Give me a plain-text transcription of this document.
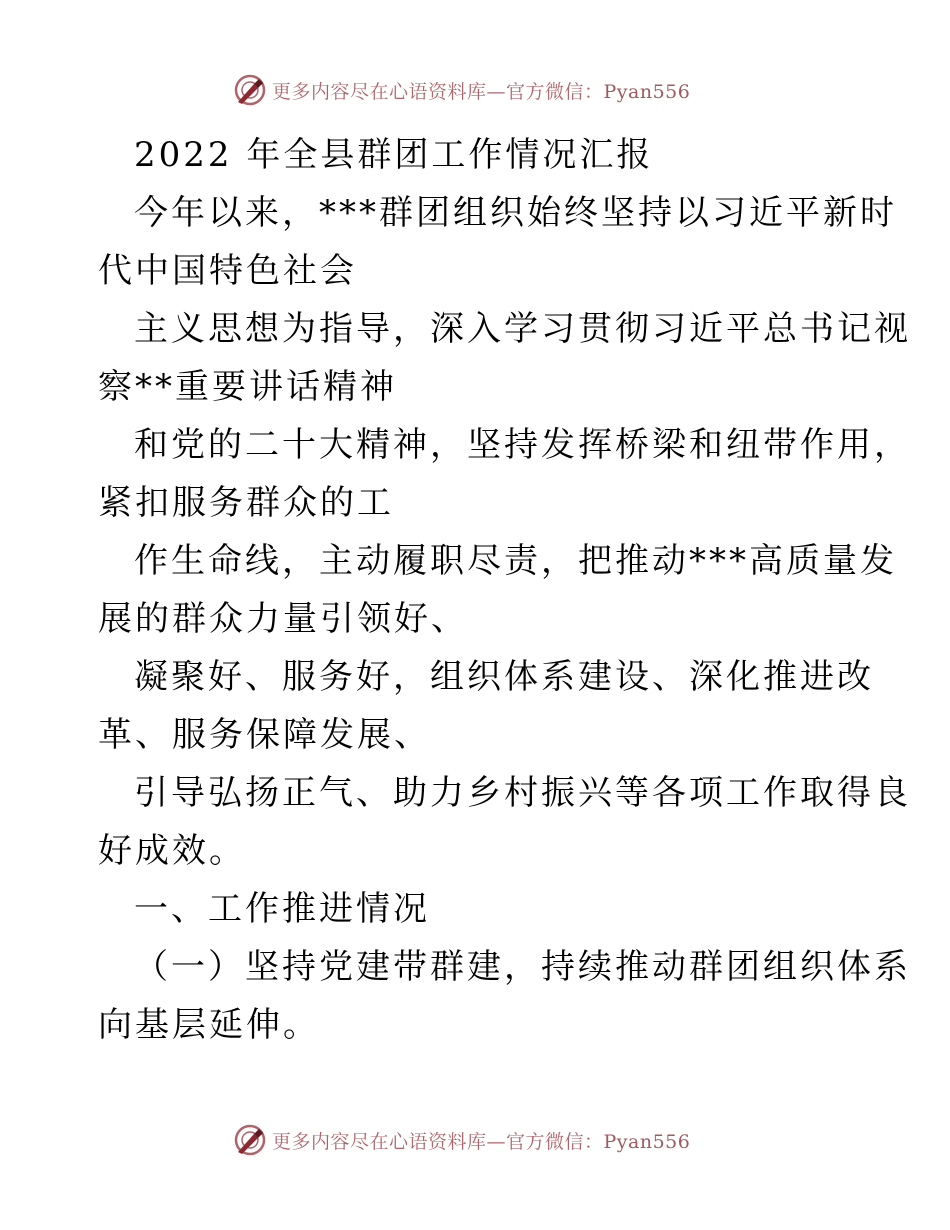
更多内容尽在心语资料库—官方微信：Pyan556
2022 年全县群团工作情况汇报
今年以来，***群团组织始终坚持以习近平新时
代中国特色社会
主义思想为指导，深入学习贯彻习近平总书记视
察**重要讲话精神
和党的二十大精神，坚持发挥桥梁和纽带作用，
紧扣服务群众的工
作生命线，主动履职尽责，把推动***高质量发
展的群众力量引领好、
凝聚好、服务好，组织体系建设、深化推进改
革、服务保障发展、
引导弘扬正气、助力乡村振兴等各项工作取得良
好成效。
一、工作推进情况
（一）坚持党建带群建，持续推动群团组织体系
向基层延伸。
更多内容尽在心语资料库—官方微信：Pyan556
